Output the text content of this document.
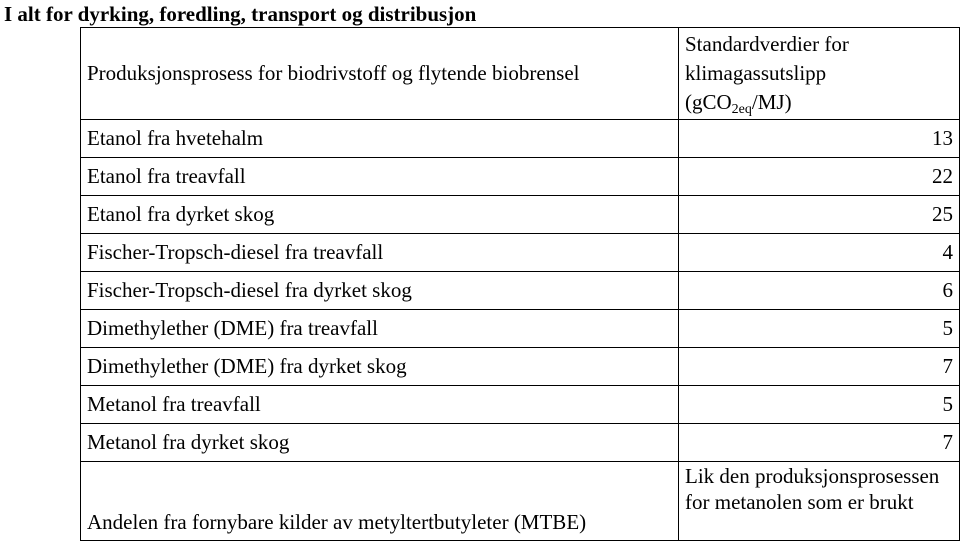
I alt for dyrking, foredling, transport og distribusjon
Produksjonsprosess for biodrivstoff og flytende biobrensel	Standardverdier for klimagassutslipp
(gCO$_{2eq}$/MJ)
Etanol fra hvetehalm	13
Etanol fra treavfall	22
Etanol fra dyrket skog	25
Fischer-Tropsch-diesel fra treavfall	4
Fischer-Tropsch-diesel fra dyrket skog	6
Dimethylether (DME) fra treavfall	5
Dimethylether (DME) fra dyrket skog	7
Metanol fra treavfall	5
Metanol fra dyrket skog	7
Andelen fra fornybare kilder av metyltertbutyleter (MTBE)	Lik den produksjonsprosessen for metanolen som er brukt
